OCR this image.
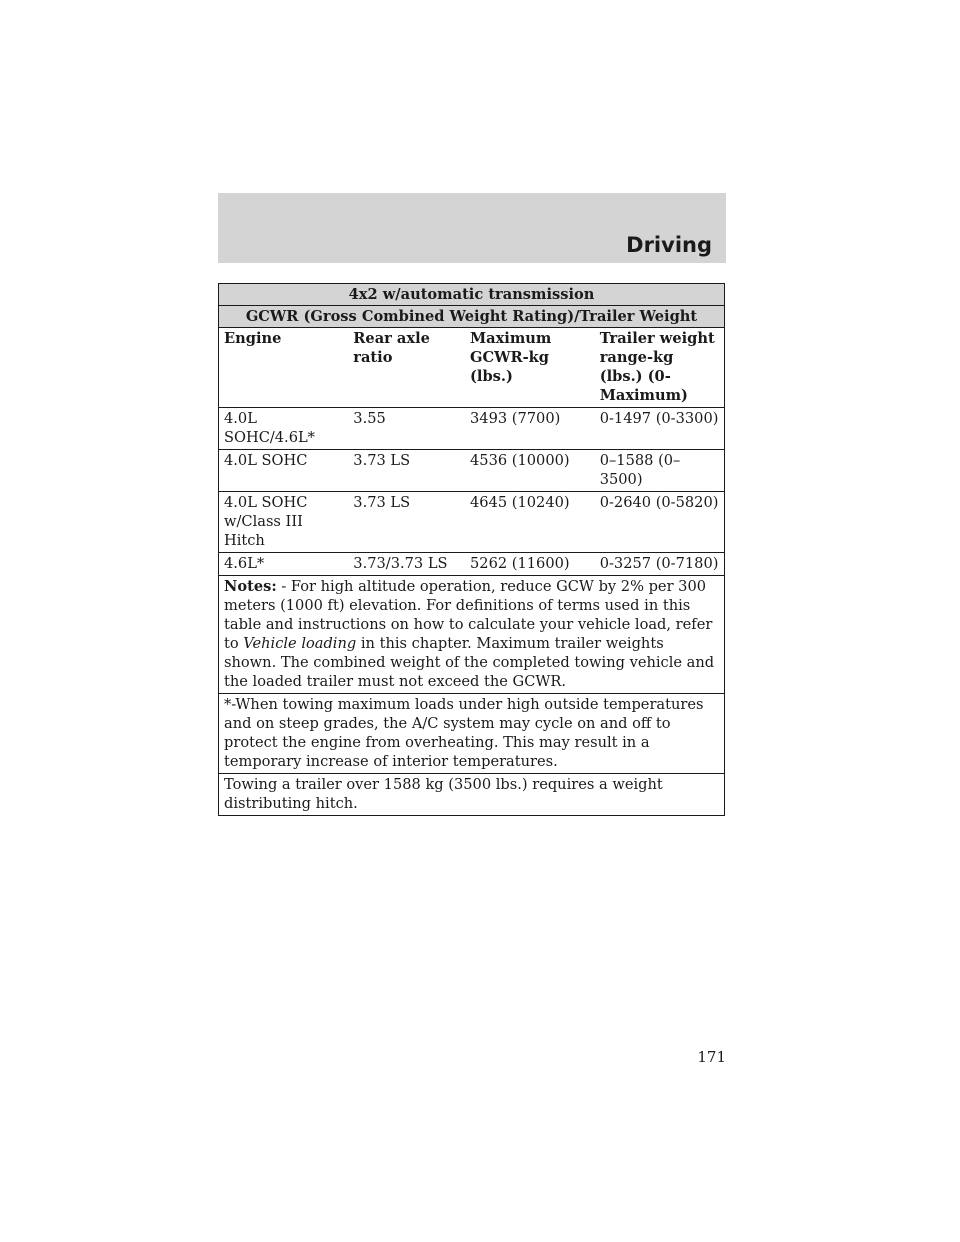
Driving
4x2 w/automatic transmission			
GCWR (Gross Combined Weight Rating)/Trailer Weight			
Engine	Rear axle ratio	Maximum GCWR-kg (lbs.)	Trailer weight range-kg (lbs.) (0-Maximum)
4.0L SOHC/4.6L*	3.55	3493 (7700)	0-1497 (0-3300)
4.0L SOHC	3.73 LS	4536 (10000)	0–1588 (0–3500)
4.0L SOHC w/Class III Hitch	3.73 LS	4645 (10240)	0-2640 (0-5820)
4.6L*	3.73/3.73 LS	5262 (11600)	0-3257 (0-7180)
Notes: - For high altitude operation, reduce GCW by 2% per 300 meters (1000 ft) elevation. For definitions of terms used in this table and instructions on how to calculate your vehicle load, refer to Vehicle loading in this chapter. Maximum trailer weights shown. The combined weight of the completed towing vehicle and the loaded trailer must not exceed the GCWR.			
*-When towing maximum loads under high outside temperatures and on steep grades, the A/C system may cycle on and off to protect the engine from overheating. This may result in a temporary increase of interior temperatures.			
Towing a trailer over 1588 kg (3500 lbs.) requires a weight distributing hitch.			
171
